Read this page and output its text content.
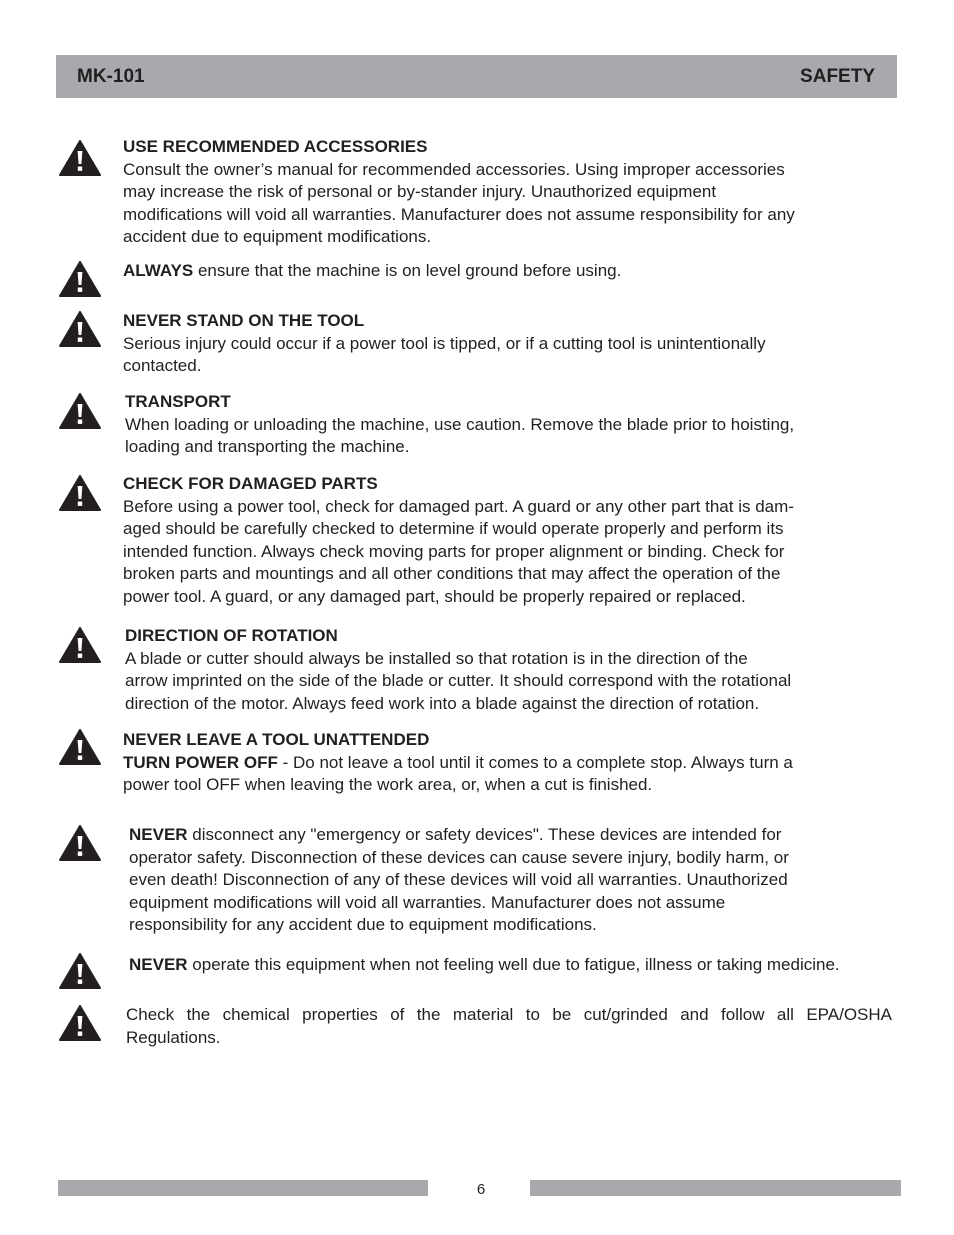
MK-101	SAFETY
USE RECOMMENDED ACCESSORIES
Consult the owner’s manual for recommended accessories. Using improper accessories
may increase the risk of personal or by-stander injury. Unauthorized equipment
modifications will void all warranties. Manufacturer does not assume responsibility for any
accident due to equipment modifications.
ALWAYS ensure that the machine is on level ground before using.
NEVER STAND ON THE TOOL
Serious injury could occur if a power tool is tipped, or if a cutting tool is unintentionally
contacted.
TRANSPORT
When loading or unloading the machine, use caution. Remove the blade prior to hoisting,
loading and transporting the machine.
CHECK FOR DAMAGED PARTS
Before using a power tool, check for damaged part. A guard or any other part that is dam-
aged should be carefully checked to determine if would operate properly and perform its
intended function. Always check moving parts for proper alignment or binding. Check for
broken parts and mountings and all other conditions that may affect the operation of the
power tool. A guard, or any damaged part, should be properly repaired or replaced.
DIRECTION OF ROTATION
A blade or cutter should always be installed so that rotation is in the direction of the
arrow imprinted on the side of the blade or cutter. It should correspond with the rotational
direction of the motor. Always feed work into a blade against the direction of rotation.
NEVER LEAVE A TOOL UNATTENDED
TURN POWER OFF - Do not leave a tool until it comes to a complete stop. Always turn a
power tool OFF when leaving the work area, or, when a cut is finished.
NEVER disconnect any "emergency or safety devices". These devices are intended for
operator safety. Disconnection of these devices can cause severe injury, bodily harm, or
even death! Disconnection of any of these devices will void all warranties. Unauthorized
equipment modifications will void all warranties. Manufacturer does not assume
responsibility for any accident due to equipment modifications.
NEVER operate this equipment when not feeling well due to fatigue, illness or taking medicine.
Check the chemical properties of the material to be cut/grinded and follow all EPA/OSHA
Regulations.
6
